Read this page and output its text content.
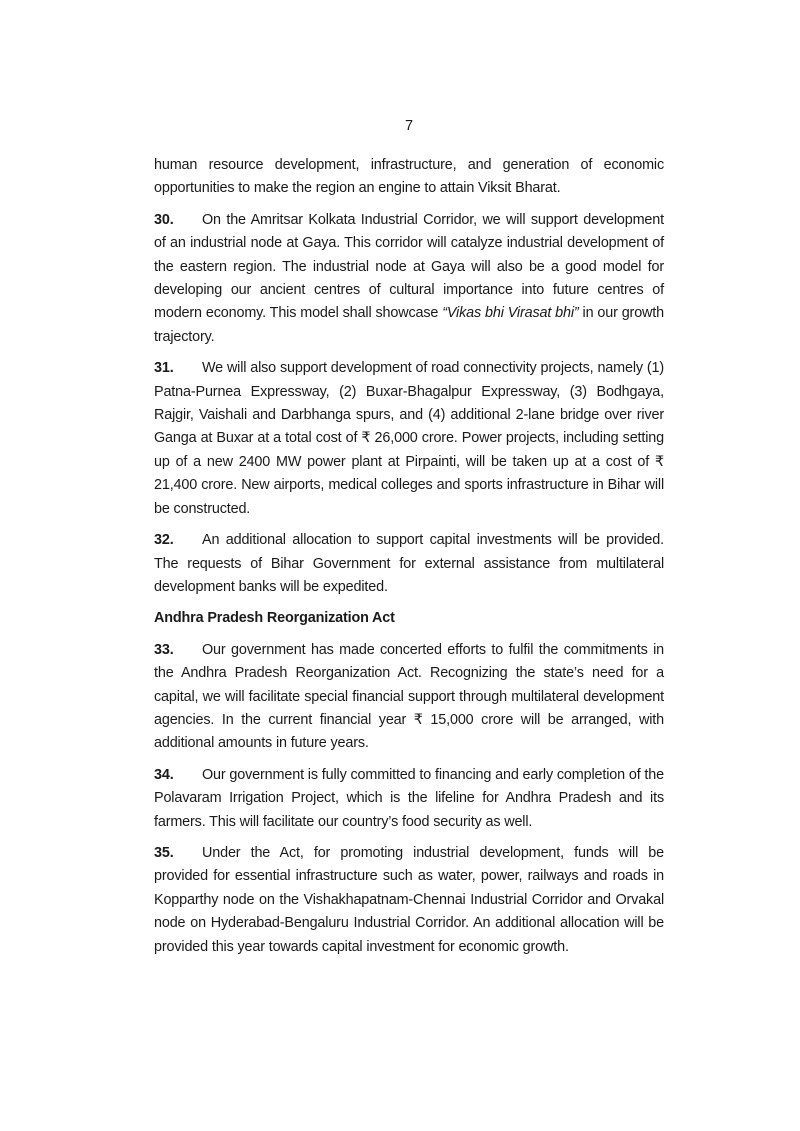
7

human resource development, infrastructure, and generation of economic opportunities to make the region an engine to attain Viksit Bharat.

30. On the Amritsar Kolkata Industrial Corridor, we will support development of an industrial node at Gaya. This corridor will catalyze industrial development of the eastern region. The industrial node at Gaya will also be a good model for developing our ancient centres of cultural importance into future centres of modern economy. This model shall showcase “Vikas bhi Virasat bhi” in our growth trajectory.

31. We will also support development of road connectivity projects, namely (1) Patna-Purnea Expressway, (2) Buxar-Bhagalpur Expressway, (3) Bodhgaya, Rajgir, Vaishali and Darbhanga spurs, and (4) additional 2-lane bridge over river Ganga at Buxar at a total cost of ₹ 26,000 crore. Power projects, including setting up of a new 2400 MW power plant at Pirpainti, will be taken up at a cost of ₹ 21,400 crore. New airports, medical colleges and sports infrastructure in Bihar will be constructed.

32. An additional allocation to support capital investments will be provided. The requests of Bihar Government for external assistance from multilateral development banks will be expedited.

Andhra Pradesh Reorganization Act

33. Our government has made concerted efforts to fulfil the commitments in the Andhra Pradesh Reorganization Act. Recognizing the state’s need for a capital, we will facilitate special financial support through multilateral development agencies. In the current financial year ₹ 15,000 crore will be arranged, with additional amounts in future years.

34. Our government is fully committed to financing and early completion of the Polavaram Irrigation Project, which is the lifeline for Andhra Pradesh and its farmers. This will facilitate our country’s food security as well.

35. Under the Act, for promoting industrial development, funds will be provided for essential infrastructure such as water, power, railways and roads in Kopparthy node on the Vishakhapatnam-Chennai Industrial Corridor and Orvakal node on Hyderabad-Bengaluru Industrial Corridor. An additional allocation will be provided this year towards capital investment for economic growth.
